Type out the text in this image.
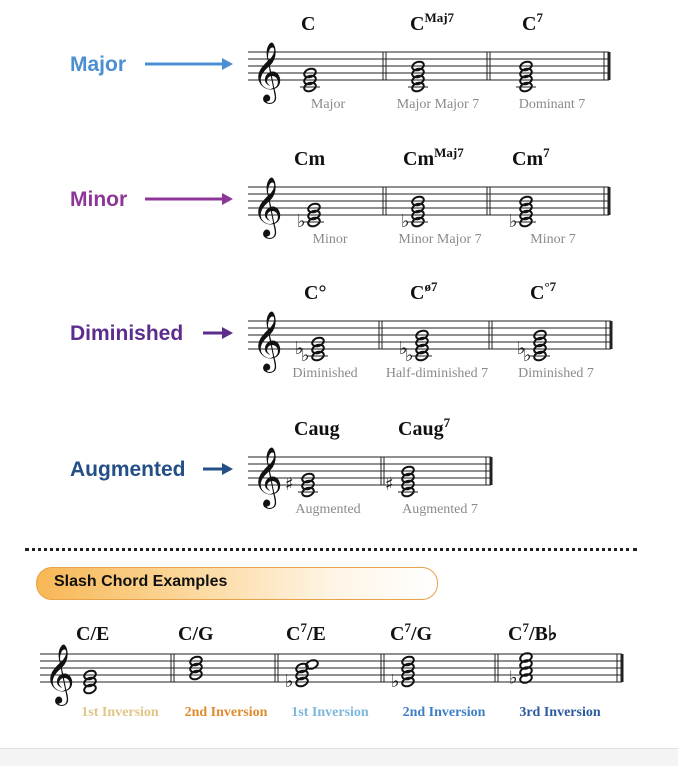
Major 𝄞
C
Major
$C^{Maj7}$
Major Major 7
$C^7$
Dominant 7
Minor 𝄞 ♭
Cm
Minor
♭
$Cm^{Maj7}$
Minor Major 7
♭
Cm$^7$
Minor 7
Diminished 𝄞 ♭
♭
C°
Diminished
♭
♭
$C^{ø7}$
Half-diminished 7
♭
♭
$C^{^\circ 7}$
Diminished 7
Augmented 𝄞 ♯
Caug
Augmented
♯
Caug$^7$
Augmented 7
𝄞
C/E
1st Inversion
C/G
2nd Inversion
♭
$C^7/E$
1st Inversion
♭
$C^7/G$
2nd Inversion
♭
$C^7/B♭$
3rd Inversion
Slash Chord Examples
